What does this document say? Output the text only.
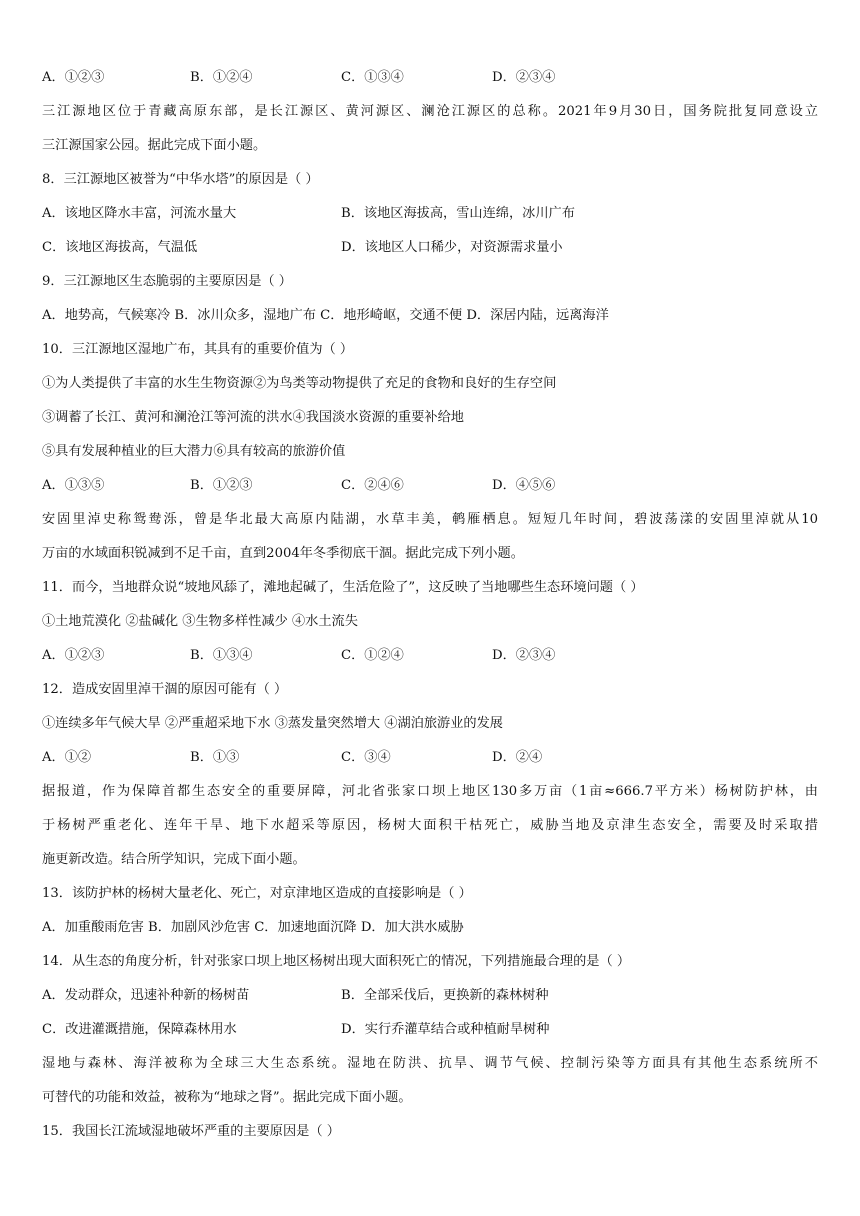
A．①②③	B．①②④	C．①③④	D．②③④
三江源地区位于青藏高原东部，是长江源区、黄河源区、澜沧江源区的总称。2021年9月30日，国务院批复同意设立
三江源国家公园。据此完成下面小题。
8．三江源地区被誉为“中华水塔”的原因是（ ）
A．该地区降水丰富，河流水量大	B．该地区海拔高，雪山连绵，冰川广布
C．该地区海拔高，气温低	D．该地区人口稀少，对资源需求量小
9．三江源地区生态脆弱的主要原因是（ ）
A．地势高，气候寒冷 B．冰川众多，湿地广布 C．地形崎岖，交通不便 D．深居内陆，远离海洋
10．三江源地区湿地广布，其具有的重要价值为（ ）
①为人类提供了丰富的水生生物资源②为鸟类等动物提供了充足的食物和良好的生存空间
③调蓄了长江、黄河和澜沧江等河流的洪水④我国淡水资源的重要补给地
⑤具有发展种植业的巨大潜力⑥具有较高的旅游价值
A．①③⑤	B．①②③	C．②④⑥	D．④⑤⑥
安固里淖史称鸳鸯泺，曾是华北最大高原内陆湖，水草丰美，鹌雁栖息。短短几年时间，碧波荡漾的安固里淖就从10
万亩的水域面积锐减到不足千亩，直到2004年冬季彻底干涸。据此完成下列小题。
11．而今，当地群众说“坡地风舔了，滩地起碱了，生活危险了”，这反映了当地哪些生态环境问题（ ）
①土地荒漠化 ②盐碱化 ③生物多样性减少 ④水土流失
A．①②③	B．①③④	C．①②④	D．②③④
12．造成安固里淖干涸的原因可能有（ ）
①连续多年气候大旱 ②严重超采地下水 ③蒸发量突然增大 ④湖泊旅游业的发展
A．①②	B．①③	C．③④	D．②④
据报道，作为保障首都生态安全的重要屏障，河北省张家口坝上地区130多万亩（1亩≈666.7平方米）杨树防护林，由
于杨树严重老化、连年干旱、地下水超采等原因，杨树大面积干枯死亡，威胁当地及京津生态安全，需要及时采取措
施更新改造。结合所学知识，完成下面小题。
13．该防护林的杨树大量老化、死亡，对京津地区造成的直接影响是（ ）
A．加重酸雨危害 B．加剧风沙危害 C．加速地面沉降 D．加大洪水威胁
14．从生态的角度分析，针对张家口坝上地区杨树出现大面积死亡的情况，下列措施最合理的是（ ）
A．发动群众，迅速补种新的杨树苗	B．全部采伐后，更换新的森林树种
C．改进灌溉措施，保障森林用水	D．实行乔灌草结合或种植耐旱树种
湿地与森林、海洋被称为全球三大生态系统。湿地在防洪、抗旱、调节气候、控制污染等方面具有其他生态系统所不
可替代的功能和效益，被称为“地球之肾”。据此完成下面小题。
15．我国长江流域湿地破坏严重的主要原因是（ ）
